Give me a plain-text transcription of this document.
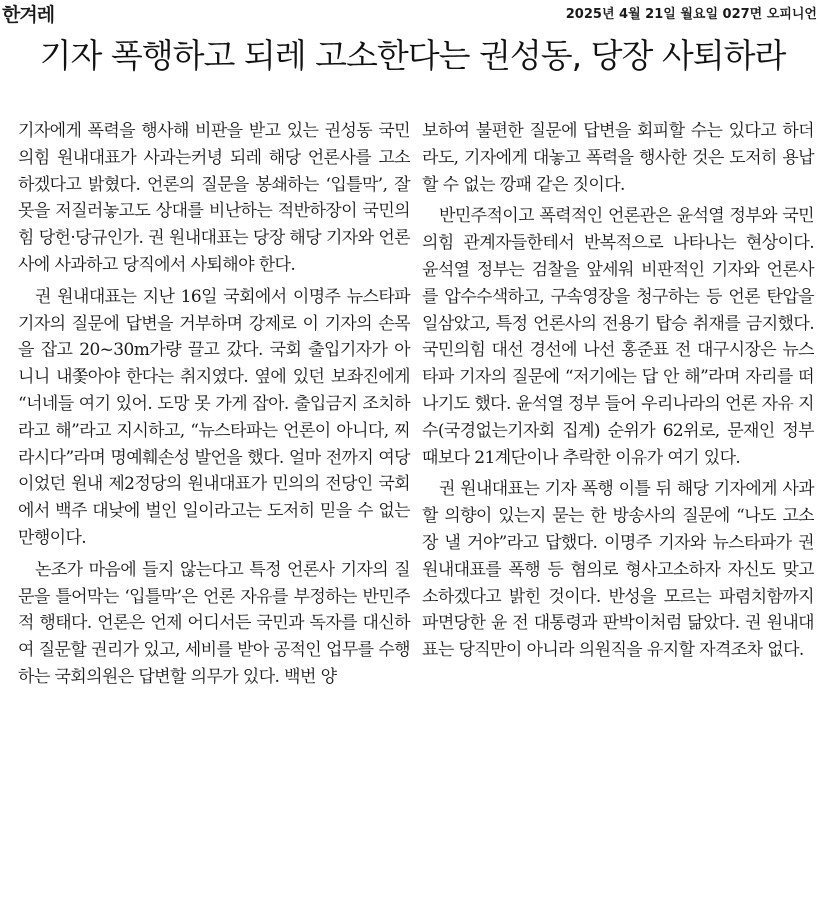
한겨레	2025년 4월 21일 월요일 027면 오피니언
기자 폭행하고 되레 고소한다는 권성동, 당장 사퇴하라

기자에게 폭력을 행사해 비판을 받고 있는 권성동 국민의힘 원내대표가 사과는커녕 되레 해당 언론사를 고소하겠다고 밝혔다. 언론의 질문을 봉쇄하는 ‘입틀막’, 잘못을 저질러놓고도 상대를 비난하는 적반하장이 국민의힘 당헌·당규인가. 권 원내대표는 당장 해당 기자와 언론사에 사과하고 당직에서 사퇴해야 한다.

권 원내대표는 지난 16일 국회에서 이명주 뉴스타파 기자의 질문에 답변을 거부하며 강제로 이 기자의 손목을 잡고 20~30m가량 끌고 갔다. 국회 출입기자가 아니니 내쫓아야 한다는 취지였다. 옆에 있던 보좌진에게 “너네들 여기 있어. 도망 못 가게 잡아. 출입금지 조치하라고 해”라고 지시하고, “뉴스타파는 언론이 아니다, 찌라시다”라며 명예훼손성 발언을 했다. 얼마 전까지 여당이었던 원내 제2정당의 원내대표가 민의의 전당인 국회에서 백주 대낮에 벌인 일이라고는 도저히 믿을 수 없는 만행이다.

논조가 마음에 들지 않는다고 특정 언론사 기자의 질문을 틀어막는 ‘입틀막’은 언론 자유를 부정하는 반민주적 행태다. 언론은 언제 어디서든 국민과 독자를 대신하여 질문할 권리가 있고, 세비를 받아 공적인 업무를 수행하는 국회의원은 답변할 의무가 있다. 백번 양

보하여 불편한 질문에 답변을 회피할 수는 있다고 하더라도, 기자에게 대놓고 폭력을 행사한 것은 도저히 용납할 수 없는 깡패 같은 짓이다.

반민주적이고 폭력적인 언론관은 윤석열 정부와 국민의힘 관계자들한테서 반복적으로 나타나는 현상이다. 윤석열 정부는 검찰을 앞세워 비판적인 기자와 언론사를 압수수색하고, 구속영장을 청구하는 등 언론 탄압을 일삼았고, 특정 언론사의 전용기 탑승 취재를 금지했다. 국민의힘 대선 경선에 나선 홍준표 전 대구시장은 뉴스타파 기자의 질문에 “저기에는 답 안 해”라며 자리를 떠나기도 했다. 윤석열 정부 들어 우리나라의 언론 자유 지수(국경없는기자회 집계) 순위가 62위로, 문재인 정부 때보다 21계단이나 추락한 이유가 여기 있다.

권 원내대표는 기자 폭행 이틀 뒤 해당 기자에게 사과할 의향이 있는지 묻는 한 방송사의 질문에 “나도 고소장 낼 거야”라고 답했다. 이명주 기자와 뉴스타파가 권 원내대표를 폭행 등 혐의로 형사고소하자 자신도 맞고소하겠다고 밝힌 것이다. 반성을 모르는 파렴치함까지 파면당한 윤 전 대통령과 판박이처럼 닮았다. 권 원내대표는 당직만이 아니라 의원직을 유지할 자격조차 없다.
